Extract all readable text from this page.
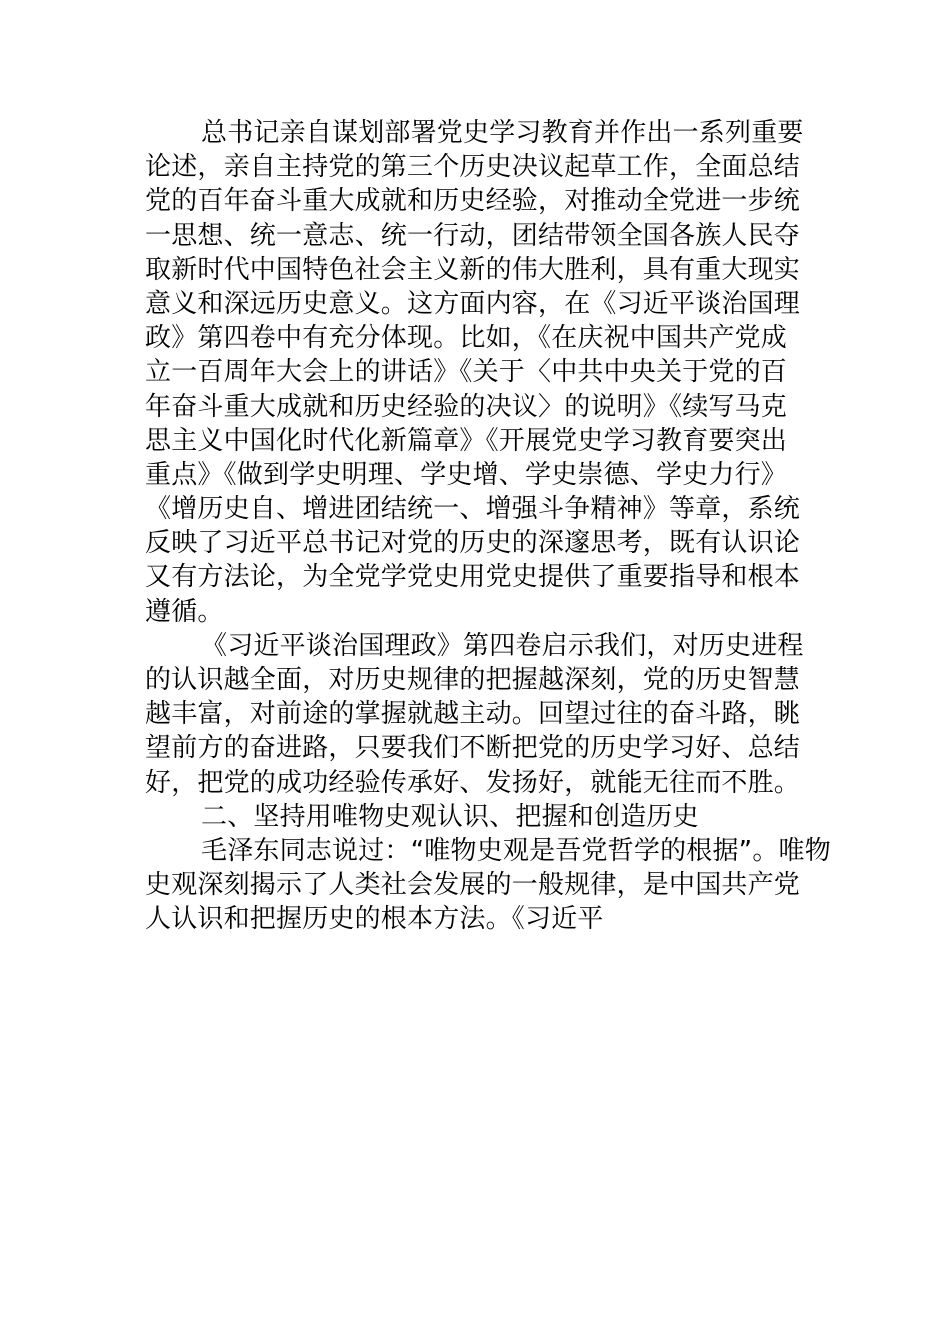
总书记亲自谋划部署党史学习教育并作出一系列重要
论述，亲自主持党的第三个历史决议起草工作，全面总结
党的百年奋斗重大成就和历史经验，对推动全党进一步统
一思想、统一意志、统一行动，团结带领全国各族人民夺
取新时代中国特色社会主义新的伟大胜利，具有重大现实
意义和深远历史意义。这方面内容，在《习近平谈治国理
政》第四卷中有充分体现。比如，《在庆祝中国共产党成
立一百周年大会上的讲话》《关于〈中共中央关于党的百
年奋斗重大成就和历史经验的决议〉的说明》《续写马克
思主义中国化时代化新篇章》《开展党史学习教育要突出
重点》《做到学史明理、学史增、学史崇德、学史力行》
《增历史自、增进团结统一、增强斗争精神》等章，系统
反映了习近平总书记对党的历史的深邃思考，既有认识论
又有方法论，为全党学党史用党史提供了重要指导和根本
遵循。
《习近平谈治国理政》第四卷启示我们，对历史进程
的认识越全面，对历史规律的把握越深刻，党的历史智慧
越丰富，对前途的掌握就越主动。回望过往的奋斗路，眺
望前方的奋进路，只要我们不断把党的历史学习好、总结
好，把党的成功经验传承好、发扬好，就能无往而不胜。
二、坚持用唯物史观认识、把握和创造历史
毛泽东同志说过：“唯物史观是吾党哲学的根据”。唯物
史观深刻揭示了人类社会发展的一般规律，是中国共产党
人认识和把握历史的根本方法。《习近平
